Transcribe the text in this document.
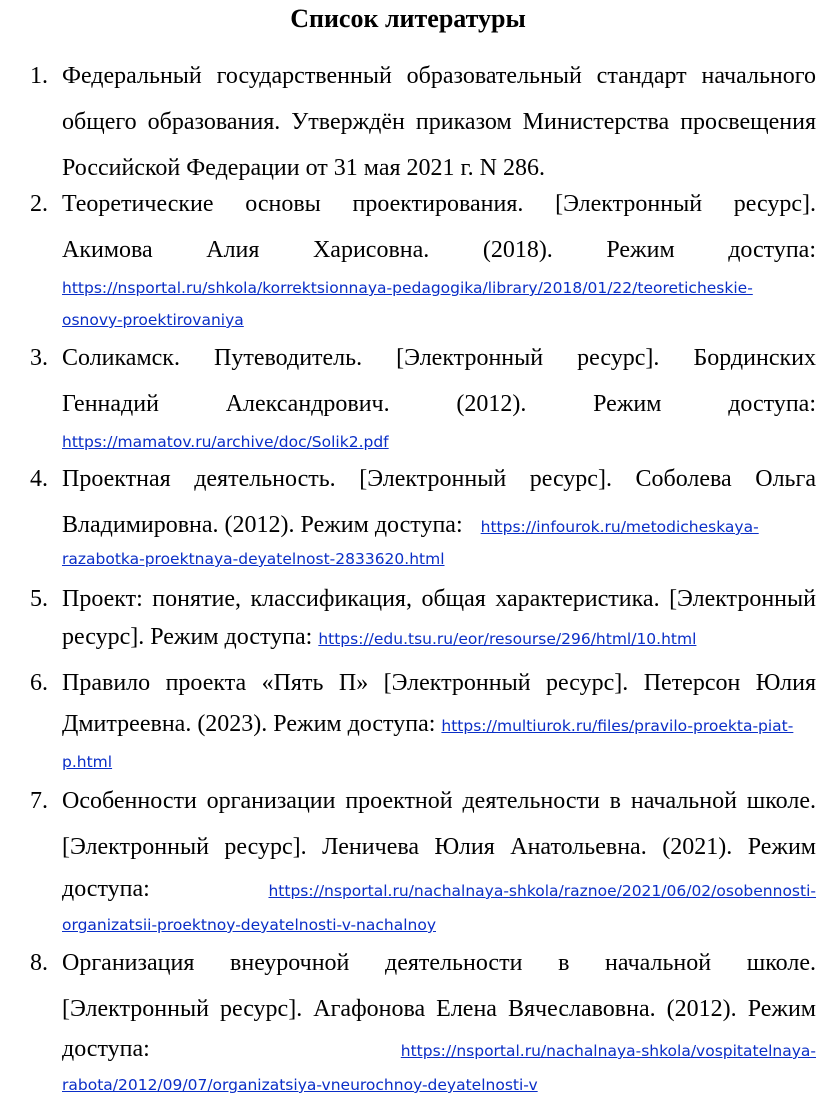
Список литературы
1. Федеральный государственный образовательный стандарт начального
общего образования. Утверждён приказом Министерства просвещения
Российской Федерации от 31 мая 2021 г. N 286.
2. Теоретические основы проектирования. [Электронный ресурс].
Акимова Алия Харисовна. (2018). Режим доступа:
https://nsportal.ru/shkola/korrektsionnaya-pedagogika/library/2018/01/22/teoreticheskie-
osnovy-proektirovaniya
3. Соликамск. Путеводитель. [Электронный ресурс]. Бординских
Геннадий Александрович. (2012). Режим доступа:
https://mamatov.ru/archive/doc/Solik2.pdf
4. Проектная деятельность. [Электронный ресурс]. Соболева Ольга
Владимировна. (2012). Режим доступа: https://infourok.ru/metodicheskaya-
razabotka-proektnaya-deyatelnost-2833620.html
5. Проект: понятие, классификация, общая характеристика. [Электронный
ресурс]. Режим доступа: https://edu.tsu.ru/eor/resourse/296/html/10.html
6. Правило проекта «Пять П» [Электронный ресурс]. Петерсон Юлия
Дмитреевна. (2023). Режим доступа: https://multiurok.ru/files/pravilo-proekta-piat-
p.html
7. Особенности организации проектной деятельности в начальной школе.
[Электронный ресурс]. Леничева Юлия Анатольевна. (2021). Режим
доступа:	https://nsportal.ru/nachalnaya-shkola/raznoe/2021/06/02/osobennosti-
organizatsii-proektnoy-deyatelnosti-v-nachalnoy
8. Организация внеурочной деятельности в начальной школе.
[Электронный ресурс]. Агафонова Елена Вячеславовна. (2012). Режим
доступа:	https://nsportal.ru/nachalnaya-shkola/vospitatelnaya-
rabota/2012/09/07/organizatsiya-vneurochnoy-deyatelnosti-v
